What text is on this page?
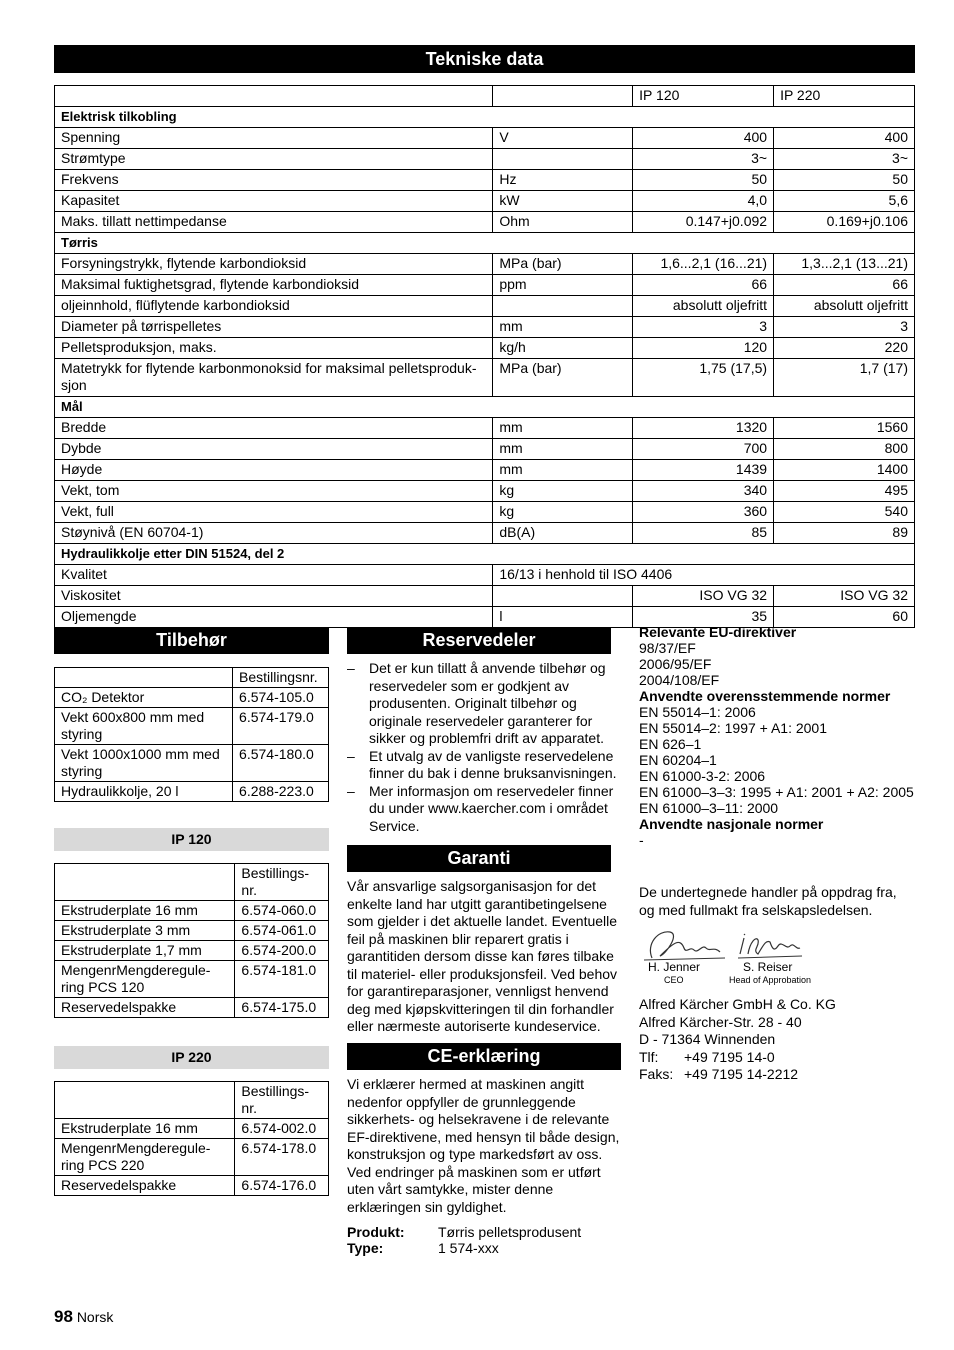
Tekniske data
		IP 120	IP 220
Elektrisk tilkobling			
Spenning	V	400	400
Strømtype		3~	3~
Frekvens	Hz	50	50
Kapasitet	kW	4,0	5,6
Maks. tillatt nettimpedanse	Ohm	0.147+j0.092	0.169+j0.106
Tørris			
Forsyningstrykk, flytende karbondioksid	MPa (bar)	1,6...2,1 (16...21)	1,3...2,1 (13...21)
Maksimal fuktighetsgrad, flytende karbondioksid	ppm	66	66
oljeinnhold, flüflytende karbondioksid		absolutt oljefritt	absolutt oljefritt
Diameter på tørrispelletes	mm	3	3
Pelletsproduksjon, maks.	kg/h	120	220
Matetrykk for flytende karbonmonoksid for maksimal pelletsproduk-sjon	MPa (bar)	1,75 (17,5)	1,7 (17)
Mål			
Bredde	mm	1320	1560
Dybde	mm	700	800
Høyde	mm	1439	1400
Vekt, tom	kg	340	495
Vekt, full	kg	360	540
Støynivå (EN 60704-1)	dB(A)	85	89
Hydraulikkolje etter DIN 51524, del 2			
Kvalitet	16/13 i henhold til ISO 4406		
Viskositet		ISO VG 32	ISO VG 32
Oljemengde	l	35	60
Tilbehør
	Bestillingsnr.
CO₂ Detektor	6.574-105.0
Vekt 600x800 mm med styring	6.574-179.0
Vekt 1000x1000 mm med styring	6.574-180.0
Hydraulikkolje, 20 l	6.288-223.0
IP 120
	Bestillings-nr.
Ekstruderplate 16 mm	6.574-060.0
Ekstruderplate 3 mm	6.574-061.0
Ekstruderplate 1,7 mm	6.574-200.0
MengenrMengderegule-ring PCS 120	6.574-181.0
Reservedelspakke	6.574-175.0
IP 220
	Bestillings-nr.
Ekstruderplate 16 mm	6.574-002.0
MengenrMengderegule-ring PCS 220	6.574-178.0
Reservedelspakke	6.574-176.0
Reservedeler
– Det er kun tillatt å anvende tilbehør og reservedeler som er godkjent av produsenten. Originalt tilbehør og originale reservedeler garanterer for sikker og problemfri drift av apparatet.
– Et utvalg av de vanligste reservedelene finner du bak i denne bruksanvisningen.
– Mer informasjon om reservedeler finner du under www.kaercher.com i området Service.
Garanti
Vår ansvarlige salgsorganisasjon for det enkelte land har utgitt garantibetingelsene som gjelder i det aktuelle landet. Eventuelle feil på maskinen blir reparert gratis i garantitiden dersom disse kan føres tilbake til materiel- eller produksjonsfeil. Ved behov for garantireparasjoner, vennligst henvend deg med kjøpskvitteringen til din forhandler eller nærmeste autoriserte kundeservice.
CE-erklæring
Vi erklærer hermed at maskinen angitt nedenfor oppfyller de grunnleggende sikkerhets- og helsekravene i de relevante EF-direktivene, med hensyn til både design, konstruksjon og type markedsført av oss. Ved endringer på maskinen som er utført uten vårt samtykke, mister denne erklæringen sin gyldighet.
Produkt:	Tørris pelletsprodusent
Type:	1 574-xxx
Relevante EU-direktiver
98/37/EF
2006/95/EF
2004/108/EF
Anvendte overensstemmende normer
EN 55014–1: 2006
EN 55014–2: 1997 + A1: 2001
EN 626–1
EN 60204–1
EN 61000-3-2: 2006
EN 61000–3–3: 1995 + A1: 2001 + A2: 2005
EN 61000–3–11: 2000
Anvendte nasjonale normer
-
De undertegnede handler på oppdrag fra, og med fullmakt fra selskapsledelsen.
H. Jenner
CEO
S. Reiser
Head of Approbation
Alfred Kärcher GmbH & Co. KG
Alfred Kärcher-Str. 28 - 40
D - 71364 Winnenden
Tlf:	+49 7195 14-0
Faks: +49 7195 14-2212
98 Norsk
